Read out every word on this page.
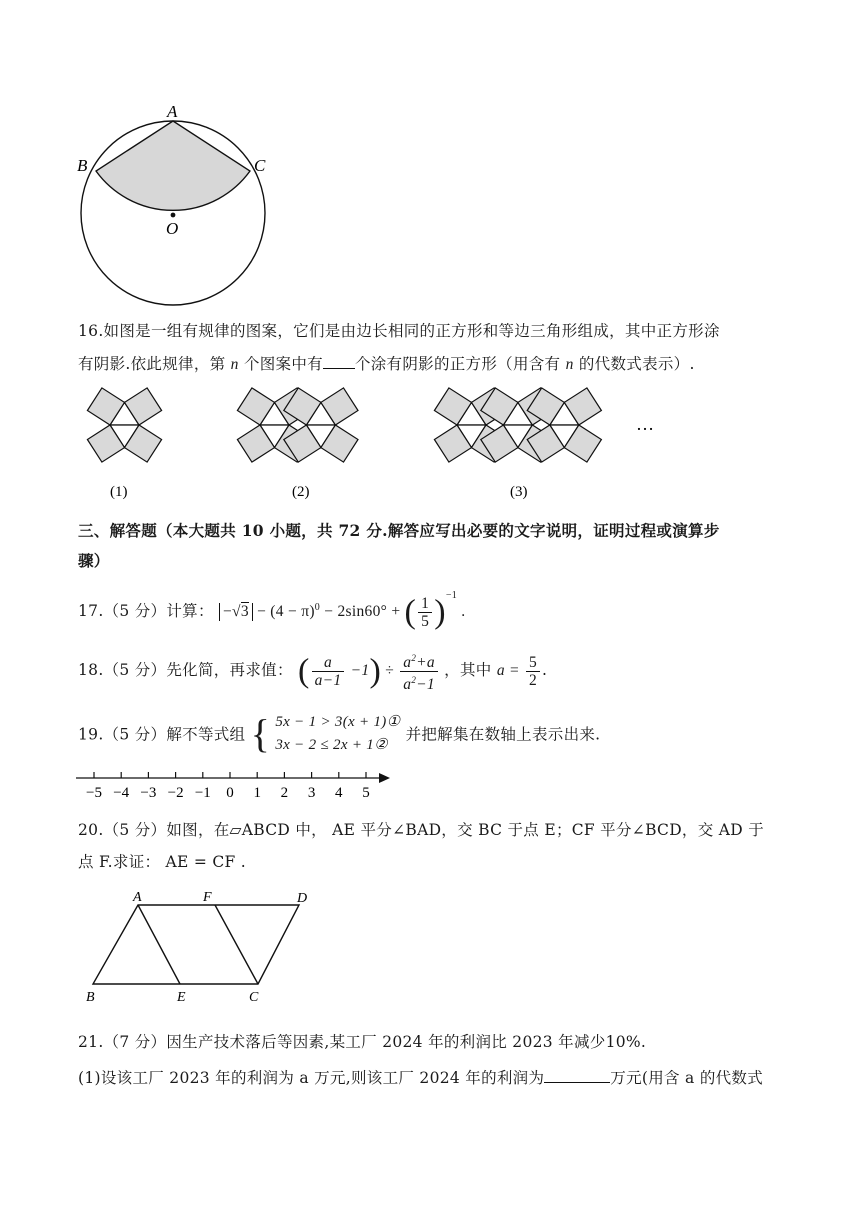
A
B	C
O
16.如图是一组有规律的图案，它们是由边长相同的正方形和等边三角形组成，其中正方形涂
有阴影.依此规律，第 n 个图案中有 个涂有阴影的正方形（用含有 n 的代数式表示）.
(1)	(2)	(3)
…
三、解答题（本大题共 10 小题，共 72 分.解答应写出必要的文字说明，证明过程或演算步
骤）
17.（5 分）计算： $-√3 - (4 - \pi)^0 - 2\sin 60^\circ$ + ( $\frac{1}{5} )^{-1}$ .
18.（5 分）先化简，再求值： ( $\frac{a}{a-1} -1) \div \frac{a^2+a}{a^2-1}$ ，其中 $a = \frac{5}{2}$ .
19.（5 分）解不等式组 { 5x − 1 > 3(x + 1)①
3x − 2 ≤ 2x + 1②
并把解集在数轴上表示出来.
−5 −4 −3 −2 −1 0 1 2 3 4 5
20.（5 分）如图，在▱ABCD 中， AE 平分∠BAD，交 BC 于点 E；CF 平分∠BCD，交 AD 于
点 F.求证： AE = CF .
A	F	D
B	E	C
21.（7 分）因生产技术落后等因素,某工厂 2024 年的利润比 2023 年减少10%.
(1)设该工厂 2023 年的利润为 a 万元,则该工厂 2024 年的利润为	万元(用含 a 的代数式
